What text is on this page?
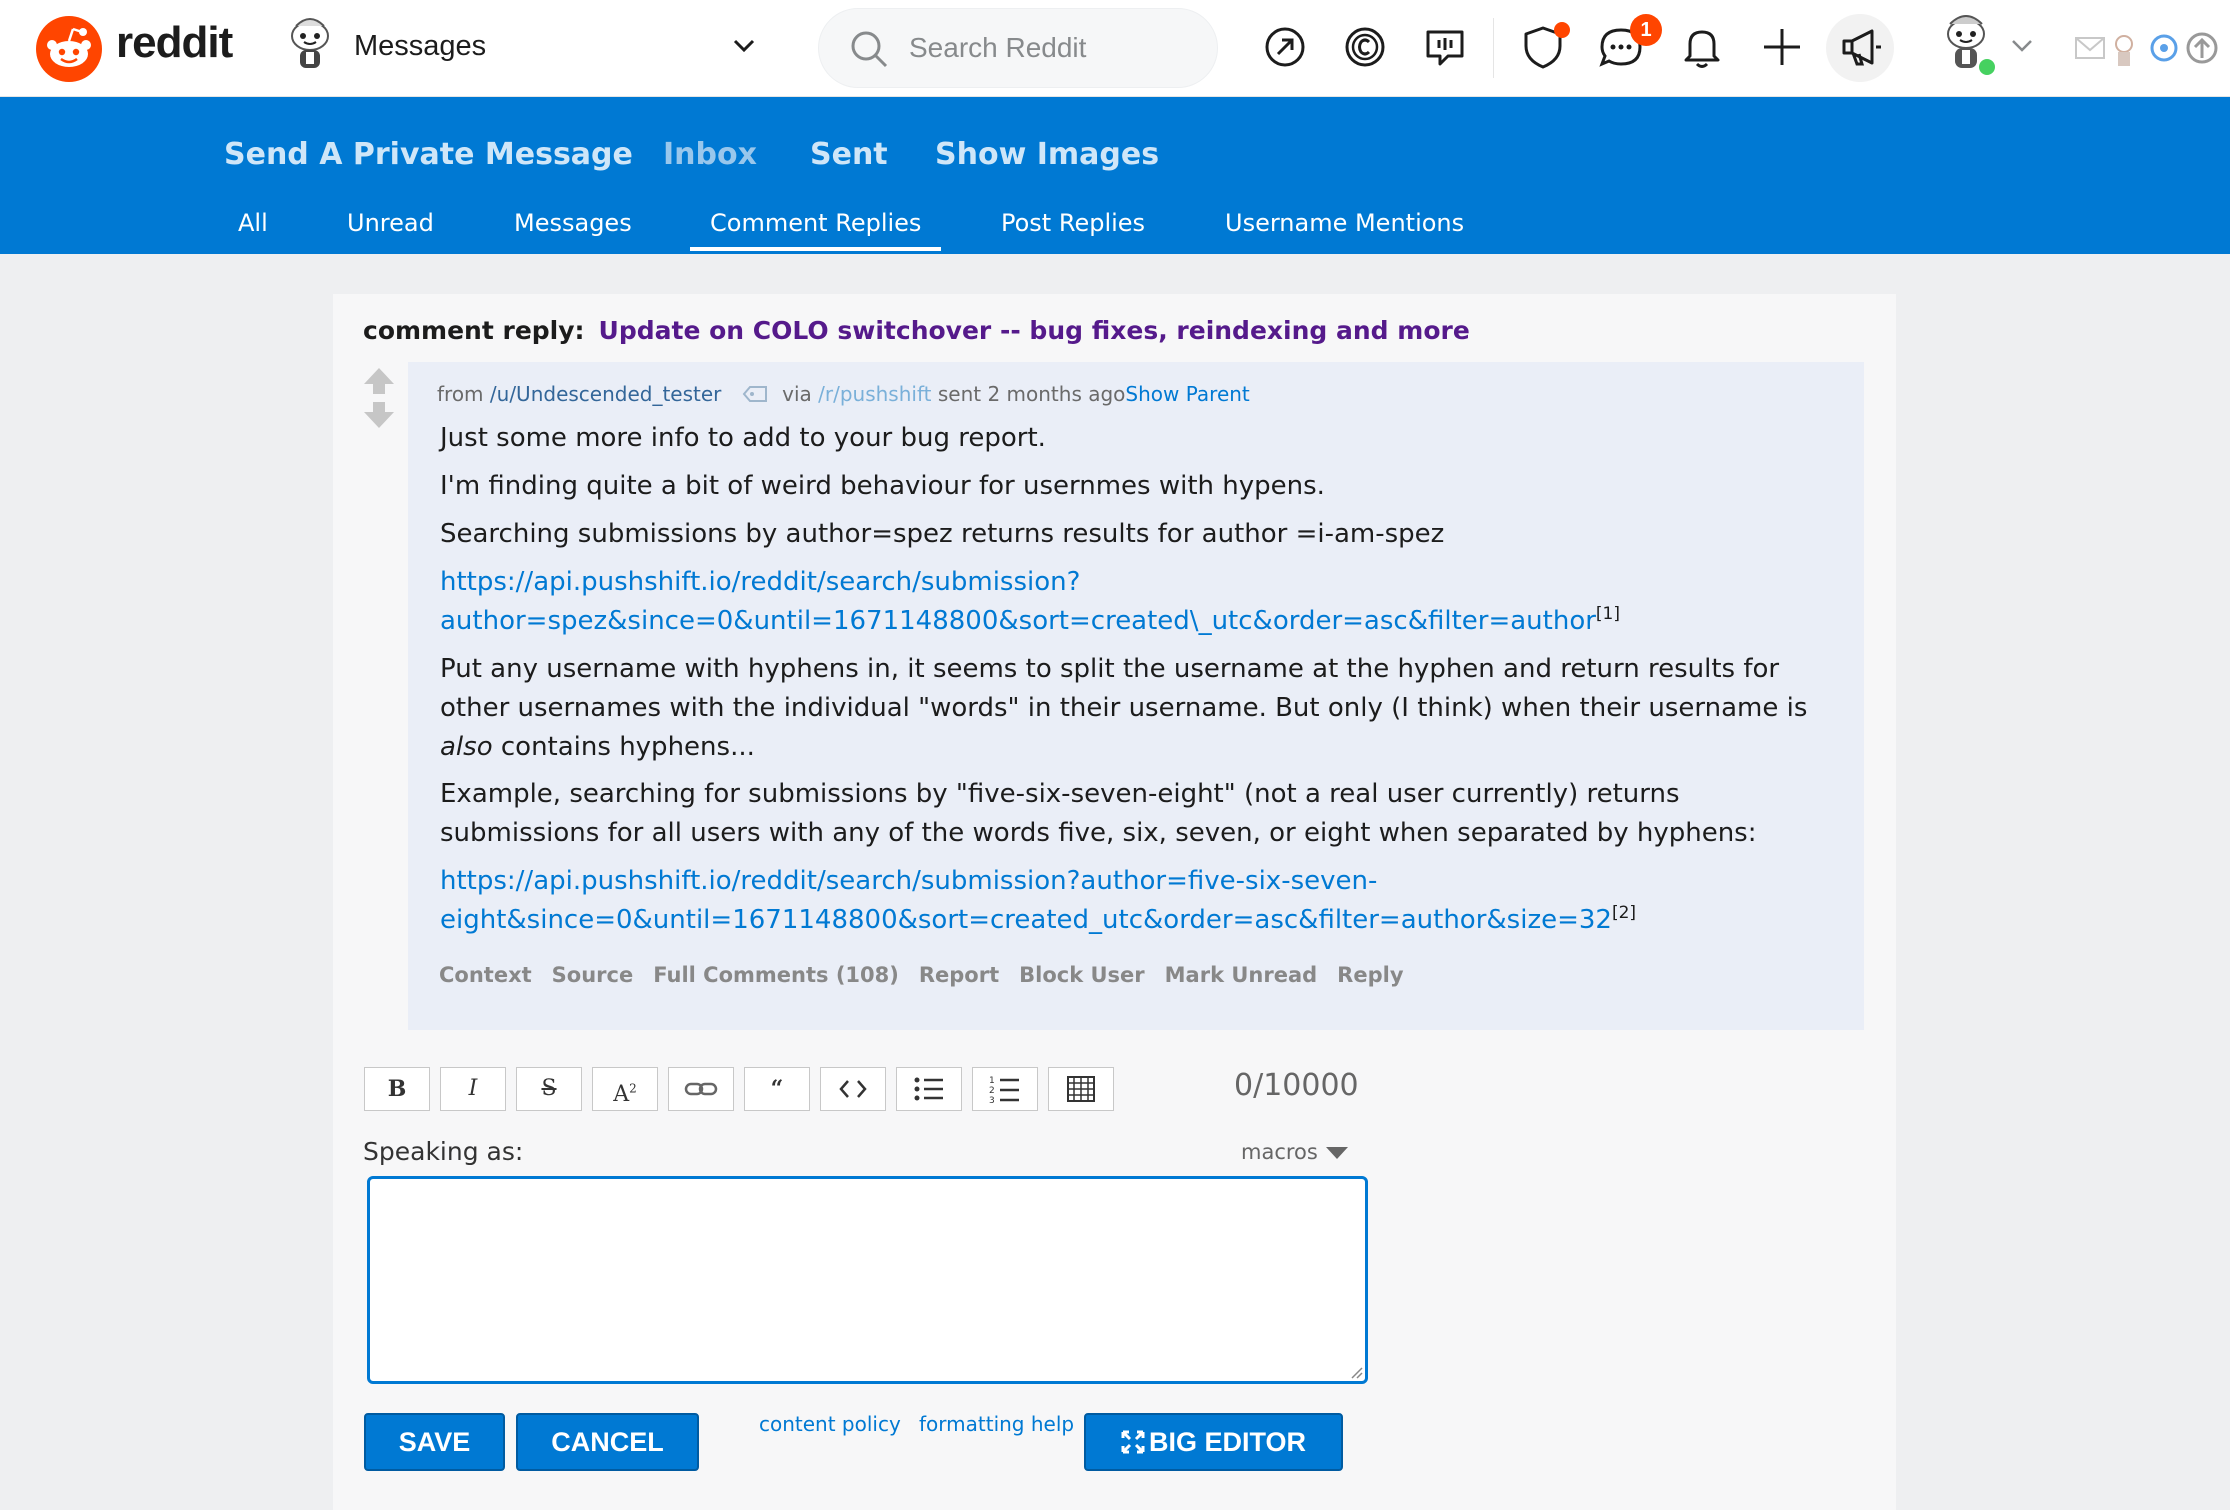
reddit	Messages
Search Reddit	1
Send A Private Message Inbox Sent Show Images
All	Unread	Messages	Comment Replies	Post Replies	Username Mentions
comment reply: Update on COLO switchover -- bug fixes, reindexing and more
from /u/Undescended_tester	via /r/pushshift sent 2 months agoShow Parent
Just some more info to add to your bug report.
I'm finding quite a bit of weird behaviour for usernmes with hypens.
Searching submissions by author=spez returns results for author =i-am-spez
https://api.pushshift.io/reddit/search/submission?
author=spez&since=0&until=1671148800&sort=created\_utc&order=asc&filter=author[1]
Put any username with hyphens in, it seems to split the username at the hyphen and return results for
other usernames with the individual "words" in their username. But only (I think) when their username is
also contains hyphens...
Example, searching for submissions by "five-six-seven-eight" (not a real user currently) returns
submissions for all users with any of the words five, six, seven, or eight when separated by hyphens:
https://api.pushshift.io/reddit/search/submission?author=five-six-seven-
eight&since=0&until=1671148800&sort=created_utc&order=asc&filter=author&size=32[2]
Context Source Full Comments (108) Report Block User Mark Unread Reply
B	I	S	$A^2$	“	1
2
3	0/10000
Speaking as:	macros
SAVE	CANCEL
content policy formatting help
BIG EDITOR
